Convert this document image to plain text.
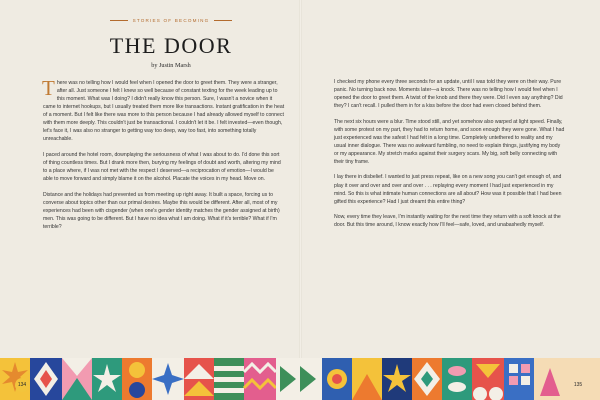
STORIES OF BECOMING
THE DOOR
by Justin Marsh

There was no telling how I would feel when I opened the door to greet them. They were a stranger, after all. Just someone I felt I knew so well because of constant texting for the week leading up to this moment. What was I doing? I didn't really know this person. Sure, I wasn't a novice when it came to internet hookups, but I usually treated them more like transactions. Instant gratification in the heat of a moment. But I felt like there was more to this person because I had already allowed myself to connect with them more deeply. This couldn't just be transactional. I couldn't let it be. I felt invested—even though, let's face it, I was also no stranger to getting way too deep, way too fast, into something totally unreachable.

I paced around the hotel room, downplaying the seriousness of what I was about to do. I'd done this sort of thing countless times. But I drank more then, burying my feelings of doubt and worth, altering my mind to a place where, if I was not met with the respect I deserved—a reciprocation of emotion—I would be able to move forward and simply blame it on the alcohol. Placate the voices in my head. Move on.

Distance and the holidays had prevented us from meeting up right away. It built a space, forcing us to converse about topics other than our primal desires. Maybe this would be different. After all, most of my experiences had been with cisgender (when one's gender identity matches the gender assigned at birth) men. This was going to be different. But I have no idea what I am doing. What if it's terrible? What if I'm terrible?

I checked my phone every three seconds for an update, until I was told they were on their way. Pure panic. No turning back now. Moments later—a knock. There was no telling how I would feel when I opened the door to greet them. A twist of the knob and there they were. Did I even say anything? Did they? I can't recall. I pulled them in for a kiss before the door had even closed behind them.

The next six hours were a blur. Time stood still, and yet somehow also warped at light speed. Finally, with some protest on my part, they had to return home, and soon enough they were gone. What I had just experienced was the safest I had felt in a long time. Completely untethered to reality and my usual inner dialogue. There was no awkward fumbling, no need to explain things, justifying my body or my appearance. My stretch marks against their surgery scars. My big, soft belly connecting with their tiny frame.

I lay there in disbelief. I wanted to just press repeat, like on a new song you can't get enough of, and play it over and over and over and over . . . replaying every moment I had just experienced in my mind. So this is what intimate human connections are all about? How was it possible that I had been gifted this experience? Had I just dreamt this entire thing?

Now, every time they leave, I'm instantly waiting for the next time they return with a soft knock at the door. But this time around, I know exactly how I'll feel—safe, loved, and unabashedly myself.

134	135
